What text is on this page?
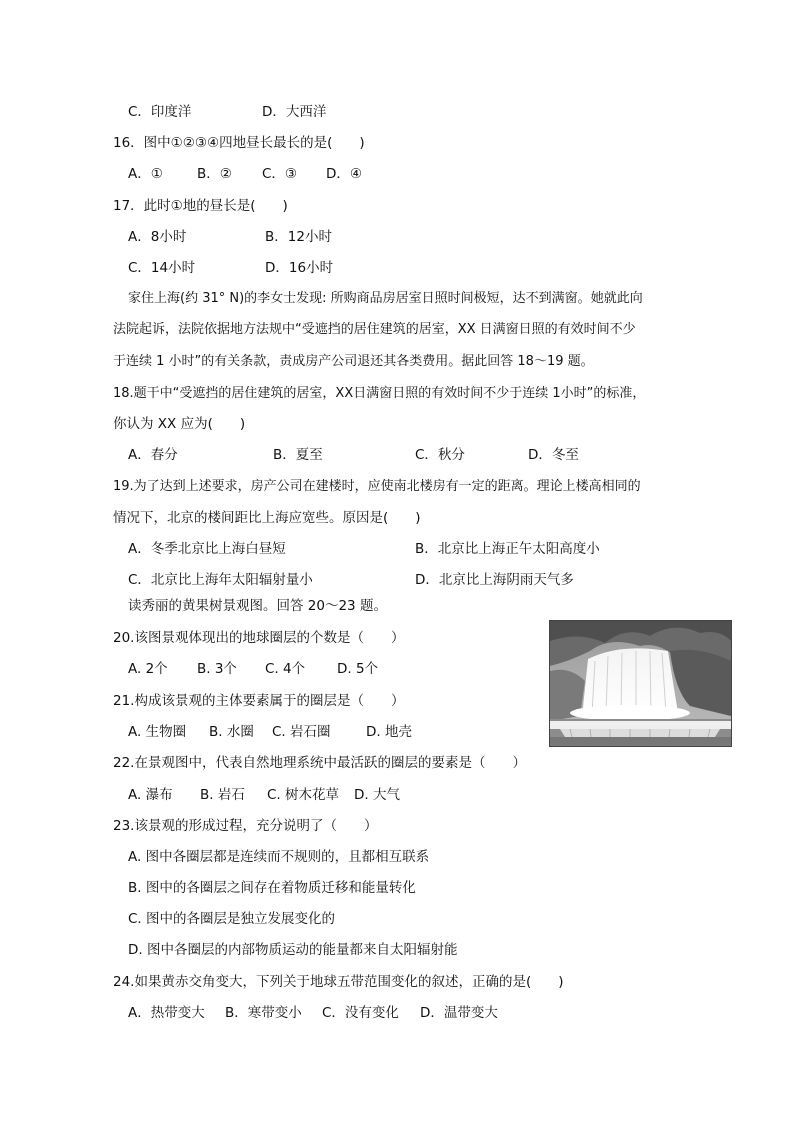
C．印度洋	D．大西洋
16．图中①②③④四地昼长最长的是(　　)
A．①	B．② C．③ D．④
17．此时①地的昼长是(　　)
A．8小时	B．12小时
C．14小时	D．16小时
家住上海(约 31° N)的李女士发现: 所购商品房居室日照时间极短，达不到满窗。她就此向
法院起诉，法院依据地方法规中“受遮挡的居住建筑的居室，XX 日满窗日照的有效时间不少
于连续 1 小时”的有关条款，责成房产公司退还其各类费用。据此回答 18～19 题。
18.题干中“受遮挡的居住建筑的居室，XX日满窗日照的有效时间不少于连续 1小时”的标准，
你认为 XX 应为(　　)
A．春分	B．夏至	C．秋分	D．冬至
19.为了达到上述要求，房产公司在建楼时，应使南北楼房有一定的距离。理论上楼高相同的
情况下，北京的楼间距比上海应宽些。原因是(　　)
A．冬季北京比上海白昼短	B．北京比上海正午太阳高度小
C．北京比上海年太阳辐射量小	D．北京比上海阴雨天气多
读秀丽的黄果树景观图。回答 20～23 题。
20.该图景观体现出的地球圈层的个数是（　　）
A. 2个 B. 3个 C. 4个 D. 5个
21.构成该景观的主体要素属于的圈层是（　　）
A. 生物圈 B. 水圈 C. 岩石圈	D. 地壳
22.在景观图中，代表自然地理系统中最活跃的圈层的要素是（　　）
A. 瀑布 B. 岩石 C. 树木花草 D. 大气
23.该景观的形成过程，充分说明了（　　）
A. 图中各圈层都是连续而不规则的，且都相互联系
B. 图中的各圈层之间存在着物质迁移和能量转化
C. 图中的各圈层是独立发展变化的
D. 图中各圈层的内部物质运动的能量都来自太阳辐射能
24.如果黄赤交角变大，下列关于地球五带范围变化的叙述，正确的是(　　)
A．热带变大 B．寒带变小 C．没有变化 D．温带变大
